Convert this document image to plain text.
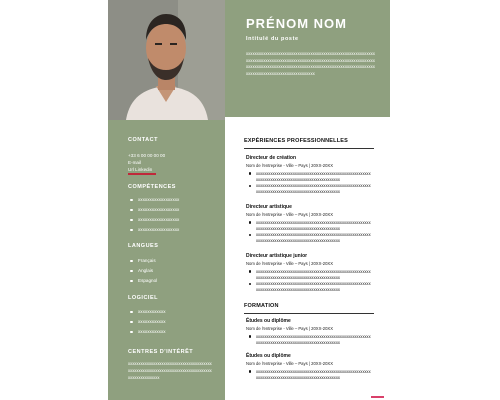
PRÉNOM NOM
Intitulé du poste
xxxxxxxxxxxxxxxxxxxxxxxxxxxxxxxxxxxxxxxxxxxxxxxxxxxxxxxxxxxxxxxxxxxxxxxxxxxxxxxxxxxxxxxxxxxxxxxxxxxxxxxxxxxxxxxxxxxxxxxxxxxxxxxxxxxxxxxxxxxxxxxxxxxxxxxxxxxxxxxxxxxxxxxxxxxxxxxxxxxxxxxxxxxxxxxxxxxxxxxxxxxxxxxxxxxx
CONTACT
+33 6 00 00 00 00
E-mail
Url Linkedin
COMPÉTENCES
xxxxxxxxxxxxxxxxxx
xxxxxxxxxxxxxxxxxx
xxxxxxxxxxxxxxxxxx
xxxxxxxxxxxxxxxxxx
LANGUES
Français
Anglais
Espagnol
LOGICIEL
xxxxxxxxxxxx
xxxxxxxxxxxx
xxxxxxxxxxxx
CENTRES D'INTÉRÊT
xxxxxxxxxxxxxxxxxxxxxxxxxxxxxxxxxxxxxxxxxxxxxxxxxxxxxxxxxxxxxxxxxxxxxxxxxxxxxxxxxxxxxxxxxxxxxxx
EXPÉRIENCES PROFESSIONNELLES
Directeur de création
Nom de l'entreprise - Ville – Pays | 20XX-20XX
xxxxxxxxxxxxxxxxxxxxxxxxxxxxxxxxxxxxxxxxxxxxxxxxxxxxxxxxxxxxxxxxxxxxxxxxxxxxxxxxxxxxxxxxxxxxxxxxx
xxxxxxxxxxxxxxxxxxxxxxxxxxxxxxxxxxxxxxxxxxxxxxxxxxxxxxxxxxxxxxxxxxxxxxxxxxxxxxxxxxxxxxxxxxxxxxxxx
Directeur artistique
Nom de l'entreprise - Ville – Pays | 20XX-20XX
xxxxxxxxxxxxxxxxxxxxxxxxxxxxxxxxxxxxxxxxxxxxxxxxxxxxxxxxxxxxxxxxxxxxxxxxxxxxxxxxxxxxxxxxxxxxxxxxx
xxxxxxxxxxxxxxxxxxxxxxxxxxxxxxxxxxxxxxxxxxxxxxxxxxxxxxxxxxxxxxxxxxxxxxxxxxxxxxxxxxxxxxxxxxxxxxxxx
Directeur artistique junior
Nom de l'entreprise - Ville – Pays | 20XX-20XX
xxxxxxxxxxxxxxxxxxxxxxxxxxxxxxxxxxxxxxxxxxxxxxxxxxxxxxxxxxxxxxxxxxxxxxxxxxxxxxxxxxxxxxxxxxxxxxxxx
xxxxxxxxxxxxxxxxxxxxxxxxxxxxxxxxxxxxxxxxxxxxxxxxxxxxxxxxxxxxxxxxxxxxxxxxxxxxxxxxxxxxxxxxxxxxxxxxx
FORMATION
Études ou diplôme
Nom de l'entreprise - Ville – Pays | 20XX-20XX
xxxxxxxxxxxxxxxxxxxxxxxxxxxxxxxxxxxxxxxxxxxxxxxxxxxxxxxxxxxxxxxxxxxxxxxxxxxxxxxxxxxxxxxxxxxxxxxxx
Études ou diplôme
Nom de l'entreprise - Ville – Pays | 20XX-20XX
xxxxxxxxxxxxxxxxxxxxxxxxxxxxxxxxxxxxxxxxxxxxxxxxxxxxxxxxxxxxxxxxxxxxxxxxxxxxxxxxxxxxxxxxxxxxxxxxx
